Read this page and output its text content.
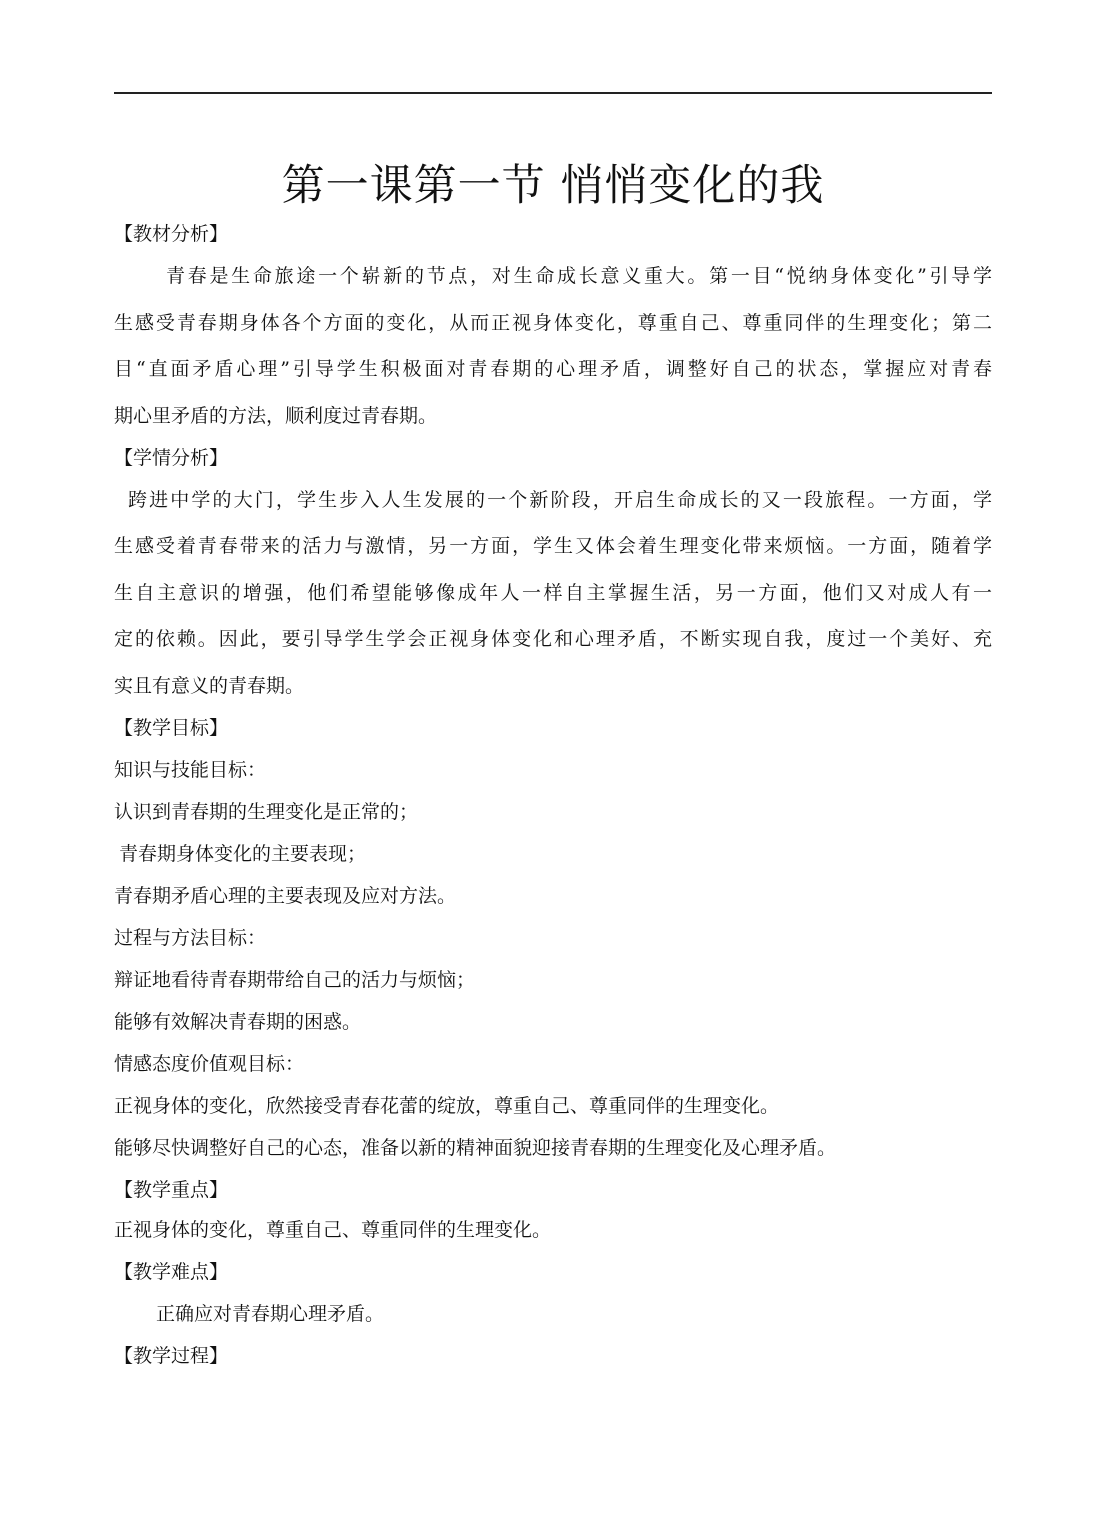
第一课第一节 悄悄变化的我
【教材分析】
青春是生命旅途一个崭新的节点，对生命成长意义重大。第一目“悦纳身体变化”引导学
生感受青春期身体各个方面的变化，从而正视身体变化，尊重自己、尊重同伴的生理变化；第二
目“直面矛盾心理”引导学生积极面对青春期的心理矛盾，调整好自己的状态，掌握应对青春
期心里矛盾的方法，顺利度过青春期。
【学情分析】
跨进中学的大门，学生步入人生发展的一个新阶段，开启生命成长的又一段旅程。一方面，学
生感受着青春带来的活力与激情，另一方面，学生又体会着生理变化带来烦恼。一方面，随着学
生自主意识的增强，他们希望能够像成年人一样自主掌握生活，另一方面，他们又对成人有一
定的依赖。因此，要引导学生学会正视身体变化和心理矛盾，不断实现自我，度过一个美好、充
实且有意义的青春期。
【教学目标】
知识与技能目标：
认识到青春期的生理变化是正常的；
青春期身体变化的主要表现；
青春期矛盾心理的主要表现及应对方法。
过程与方法目标：
辩证地看待青春期带给自己的活力与烦恼；
能够有效解决青春期的困惑。
情感态度价值观目标：
正视身体的变化，欣然接受青春花蕾的绽放，尊重自己、尊重同伴的生理变化。
能够尽快调整好自己的心态，准备以新的精神面貌迎接青春期的生理变化及心理矛盾。
【教学重点】
正视身体的变化，尊重自己、尊重同伴的生理变化。
【教学难点】
正确应对青春期心理矛盾。
【教学过程】
